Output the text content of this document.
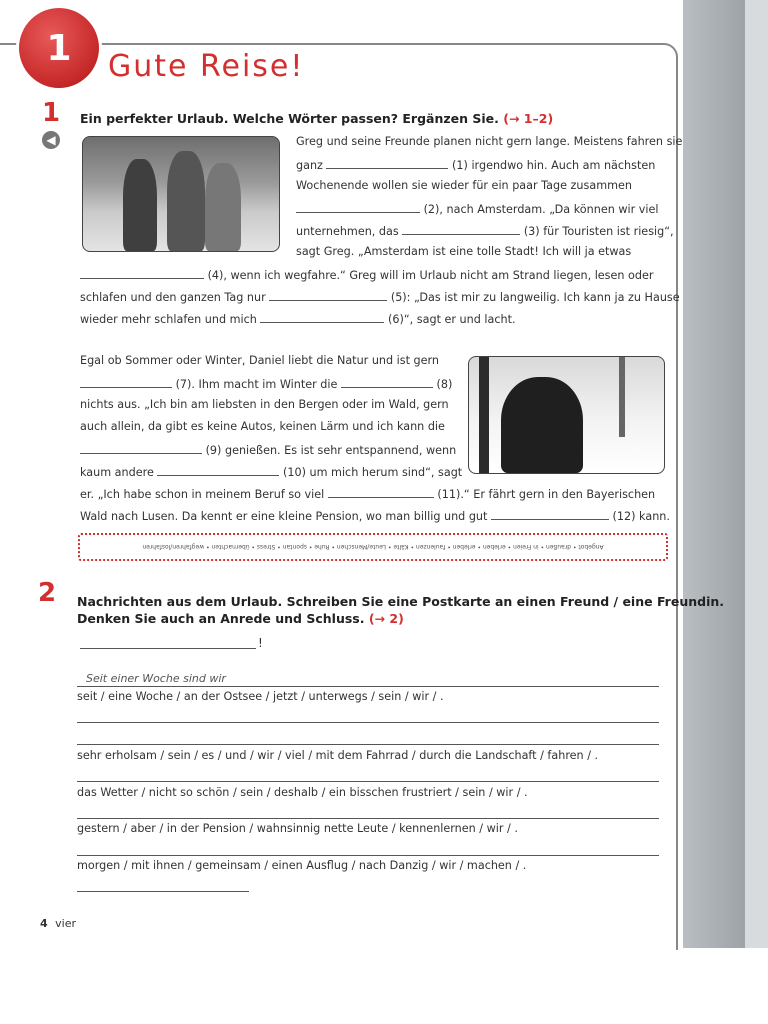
1	Gute Reise!
1
◀
Ein perfekter Urlaub. Welche Wörter passen? Ergänzen Sie. (→ 1–2)
Greg und seine Freunde planen nicht gern lange. Meistens fahren sie
ganz	(1) irgendwo hin. Auch am nächsten
Wochenende wollen sie wieder für ein paar Tage zusammen
(2), nach Amsterdam. „Da können wir viel
unternehmen, das	(3) für Touristen ist riesig“,
sagt Greg. „Amsterdam ist eine tolle Stadt! Ich will ja etwas
(4), wenn ich wegfahre.“ Greg will im Urlaub nicht am Strand liegen, lesen oder
schlafen und den ganzen Tag nur	(5): „Das ist mir zu langweilig. Ich kann ja zu Hause
wieder mehr schlafen und mich	(6)“, sagt er und lacht.
Egal ob Sommer oder Winter, Daniel liebt die Natur und ist gern
(7). Ihm macht im Winter die	(8)
nichts aus. „Ich bin am liebsten in den Bergen oder im Wald, gern
auch allein, da gibt es keine Autos, keinen Lärm und ich kann die
(9) genießen. Es ist sehr entspannend, wenn
kaum andere	(10) um mich herum sind“, sagt
er. „Ich habe schon in meinem Beruf so viel	(11).“ Er fährt gern in den Bayerischen
Wald nach Lusen. Da kennt er eine kleine Pension, wo man billig und gut	(12) kann.
Angebot • draußen • in Freien • erleben • erleben • faulenzen • Kälte • Leute/Menschen • Ruhe • spontan • Stress • übernachten • wegfahren/losfahren
2 Nachrichten aus dem Urlaub. Schreiben Sie eine Postkarte an einen Freund / eine Freundin.
Denken Sie auch an Anrede und Schluss. (→ 2)
!
Seit einer Woche sind wir
seit / eine Woche / an der Ostsee / jetzt / unterwegs / sein / wir / .
sehr erholsam / sein / es / und / wir / viel / mit dem Fahrrad / durch die Landschaft / fahren / .
das Wetter / nicht so schön / sein / deshalb / ein bisschen frustriert / sein / wir / .
gestern / aber / in der Pension / wahnsinnig nette Leute / kennenlernen / wir / .
morgen / mit ihnen / gemeinsam / einen Ausflug / nach Danzig / wir / machen / .
4 vier
